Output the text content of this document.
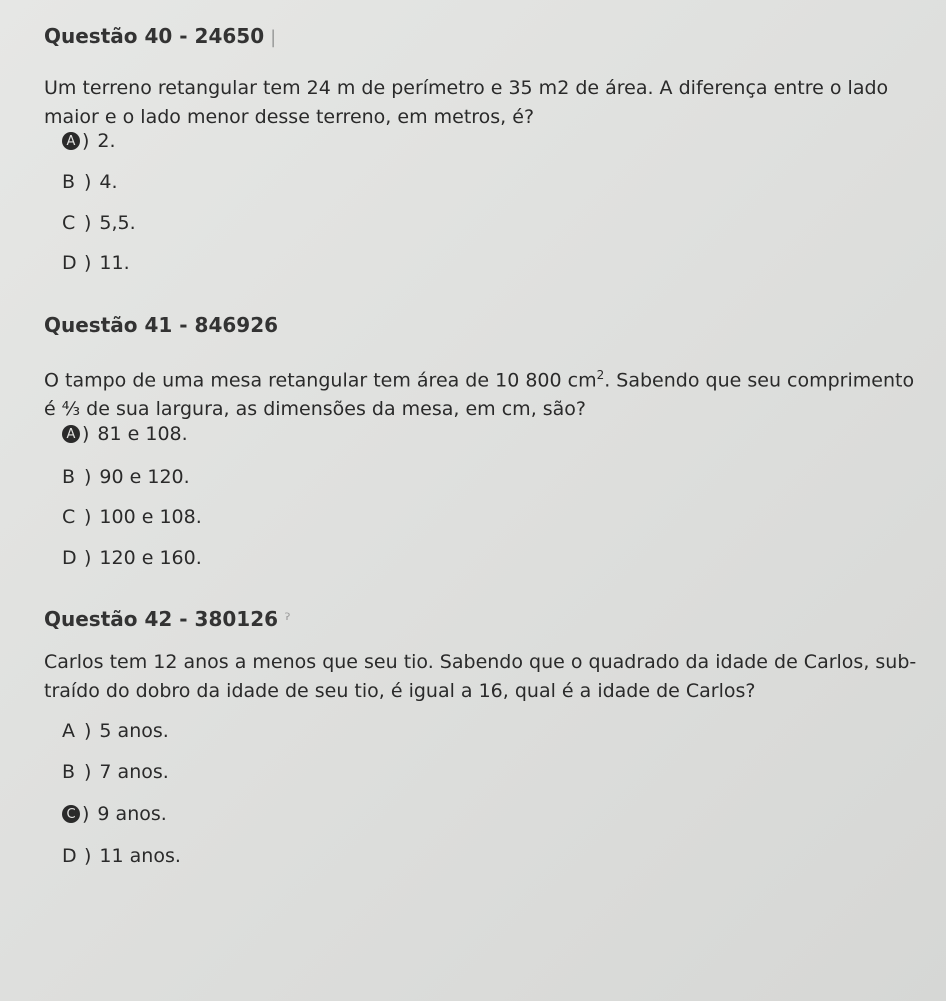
Questão 40 - 24650 |

Um terreno retangular tem 24 m de perímetro e 35 m2 de área. A diferença entre o lado maior e o lado menor desse terreno, em metros, é?

A ) 2.
B ) 4.
C ) 5,5.
D ) 11.
Questão 41 - 846926

O tampo de uma mesa retangular tem área de 10 800 $cm^2$. Sabendo que seu comprimento é ⁴⁄₃ de sua largura, as dimensões da mesa, em cm, são?

A ) 81 e 108.
B ) 90 e 120.
C ) 100 e 108.
D ) 120 e 160.
Questão 42 - 380126 ˀ

Carlos tem 12 anos a menos que seu tio. Sabendo que o quadrado da idade de Carlos, sub-traído do dobro da idade de seu tio, é igual a 16, qual é a idade de Carlos?

A ) 5 anos.
B ) 7 anos.
C ) 9 anos.
D ) 11 anos.
